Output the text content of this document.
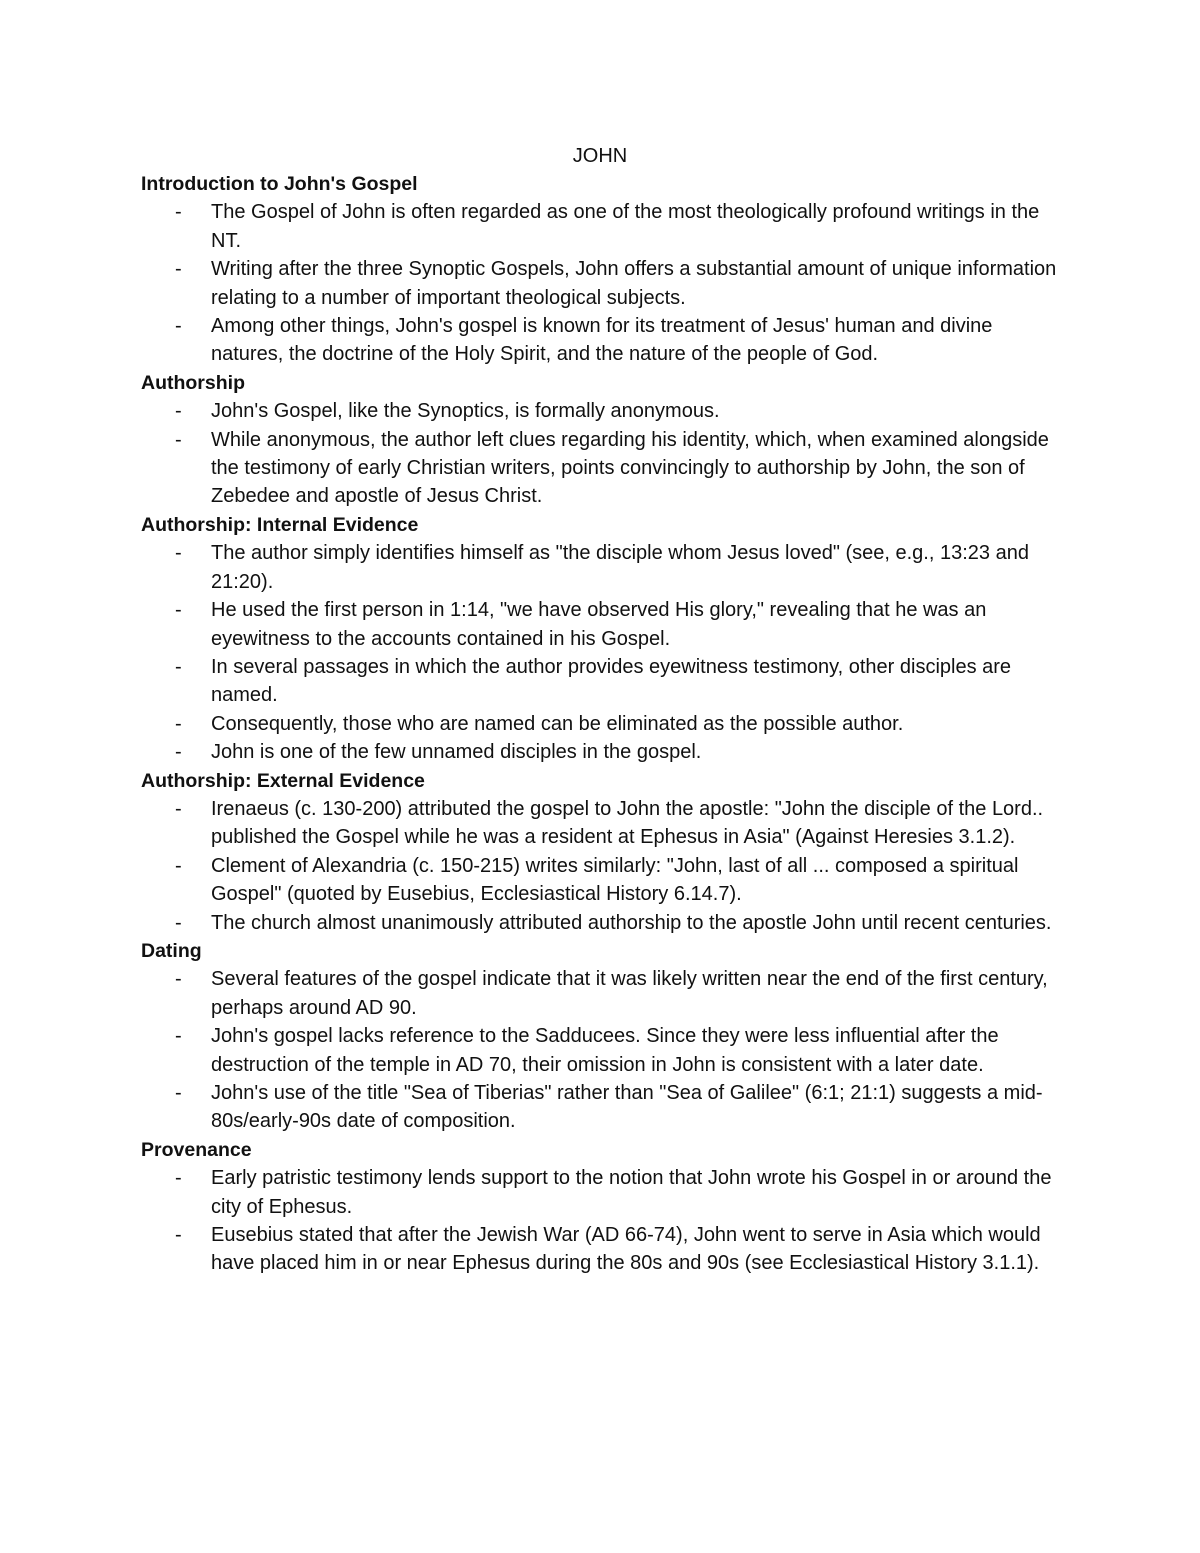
JOHN
Introduction to John's Gospel
- The Gospel of John is often regarded as one of the most theologically profound writings in the NT.
- Writing after the three Synoptic Gospels, John offers a substantial amount of unique information relating to a number of important theological subjects.
- Among other things, John's gospel is known for its treatment of Jesus' human and divine natures, the doctrine of the Holy Spirit, and the nature of the people of God.
Authorship
- John's Gospel, like the Synoptics, is formally anonymous.
- While anonymous, the author left clues regarding his identity, which, when examined alongside the testimony of early Christian writers, points convincingly to authorship by John, the son of Zebedee and apostle of Jesus Christ.
Authorship: Internal Evidence
- The author simply identifies himself as "the disciple whom Jesus loved" (see, e.g., 13:23 and 21:20).
- He used the first person in 1:14, "we have observed His glory," revealing that he was an eyewitness to the accounts contained in his Gospel.
- In several passages in which the author provides eyewitness testimony, other disciples are named.
- Consequently, those who are named can be eliminated as the possible author.
- John is one of the few unnamed disciples in the gospel.
Authorship: External Evidence
- Irenaeus (c. 130-200) attributed the gospel to John the apostle: "John the disciple of the Lord.. published the Gospel while he was a resident at Ephesus in Asia" (Against Heresies 3.1.2).
- Clement of Alexandria (c. 150-215) writes similarly: "John, last of all ... composed a spiritual Gospel" (quoted by Eusebius, Ecclesiastical History 6.14.7).
- The church almost unanimously attributed authorship to the apostle John until recent centuries.
Dating
- Several features of the gospel indicate that it was likely written near the end of the first century, perhaps around AD 90.
- John's gospel lacks reference to the Sadducees. Since they were less influential after the destruction of the temple in AD 70, their omission in John is consistent with a later date.
- John's use of the title "Sea of Tiberias" rather than "Sea of Galilee" (6:1; 21:1) suggests a mid-80s/early-90s date of composition.
Provenance
- Early patristic testimony lends support to the notion that John wrote his Gospel in or around the city of Ephesus.
- Eusebius stated that after the Jewish War (AD 66-74), John went to serve in Asia which would have placed him in or near Ephesus during the 80s and 90s (see Ecclesiastical History 3.1.1).
